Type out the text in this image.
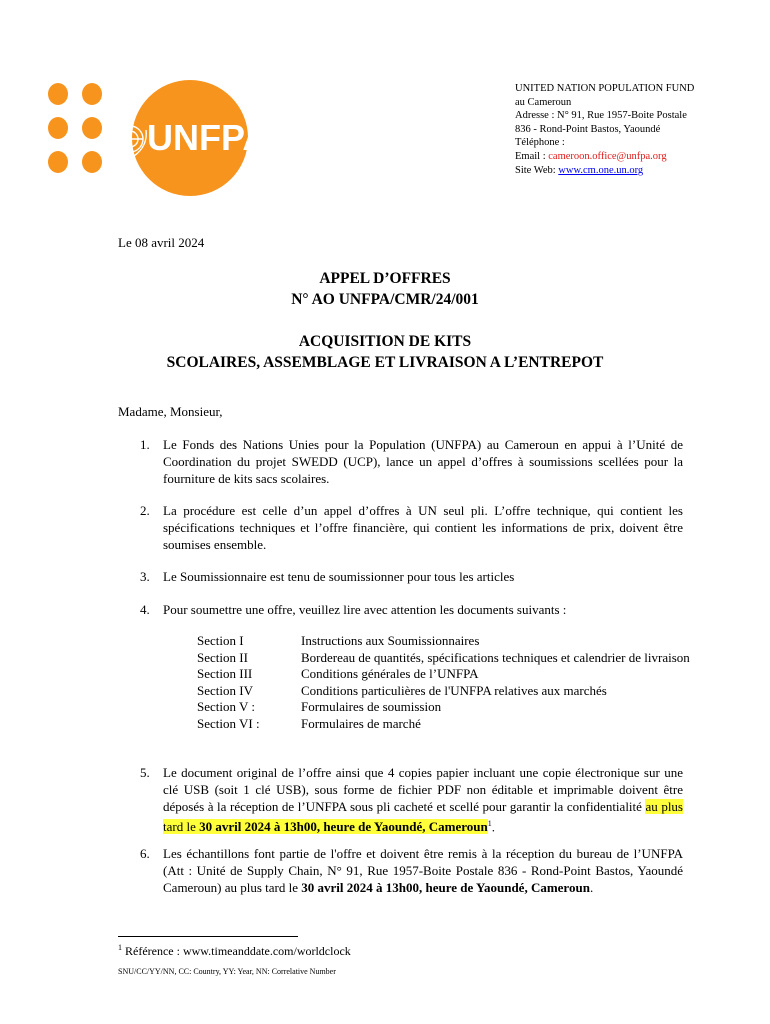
UNFPA
UNITED NATION POPULATION FUND
au Cameroun
Adresse : N° 91, Rue 1957-Boite Postale
836 - Rond-Point Bastos, Yaoundé
Téléphone :
Email : cameroon.office@unfpa.org
Site Web: www.cm.one.un.org
Le 08 avril 2024
APPEL D’OFFRES
N° AO UNFPA/CMR/24/001
ACQUISITION DE KITS
SCOLAIRES, ASSEMBLAGE ET LIVRAISON A L’ENTREPOT
Madame, Monsieur,
1. Le Fonds des Nations Unies pour la Population (UNFPA) au Cameroun en appui à l’Unité de Coordination du projet SWEDD (UCP), lance un appel d’offres à soumissions scellées pour la fourniture de kits sacs scolaires.
2. La procédure est celle d’un appel d’offres à UN seul pli. L’offre technique, qui contient les spécifications techniques et l’offre financière, qui contient les informations de prix, doivent être soumises ensemble.
3. Le Soumissionnaire est tenu de soumissionner pour tous les articles
4. Pour soumettre une offre, veuillez lire avec attention les documents suivants :
Section I	Instructions aux Soumissionnaires
Section II	Bordereau de quantités, spécifications techniques et calendrier de livraison
Section III	Conditions générales de l’UNFPA
Section IV	Conditions particulières de l'UNFPA relatives aux marchés
Section V :	Formulaires de soumission
Section VI :	Formulaires de marché
5. Le document original de l’offre ainsi que 4 copies papier incluant une copie électronique sur une clé USB (soit 1 clé USB), sous forme de fichier PDF non éditable et imprimable doivent être déposés à la réception de l’UNFPA sous pli cacheté et scellé pour garantir la confidentialité au plus tard le 30 avril 2024 à 13h00, heure de Yaoundé, Cameroun$^1$.
6. Les échantillons font partie de l'offre et doivent être remis à la réception du bureau de l’UNFPA (Att : Unité de Supply Chain, N° 91, Rue 1957-Boite Postale 836 - Rond-Point Bastos, Yaoundé Cameroun) au plus tard le 30 avril 2024 à 13h00, heure de Yaoundé, Cameroun.
$^1$ Référence : www.timeanddate.com/worldclock
SNU/CC/YY/NN, CC: Country, YY: Year, NN: Correlative Number
